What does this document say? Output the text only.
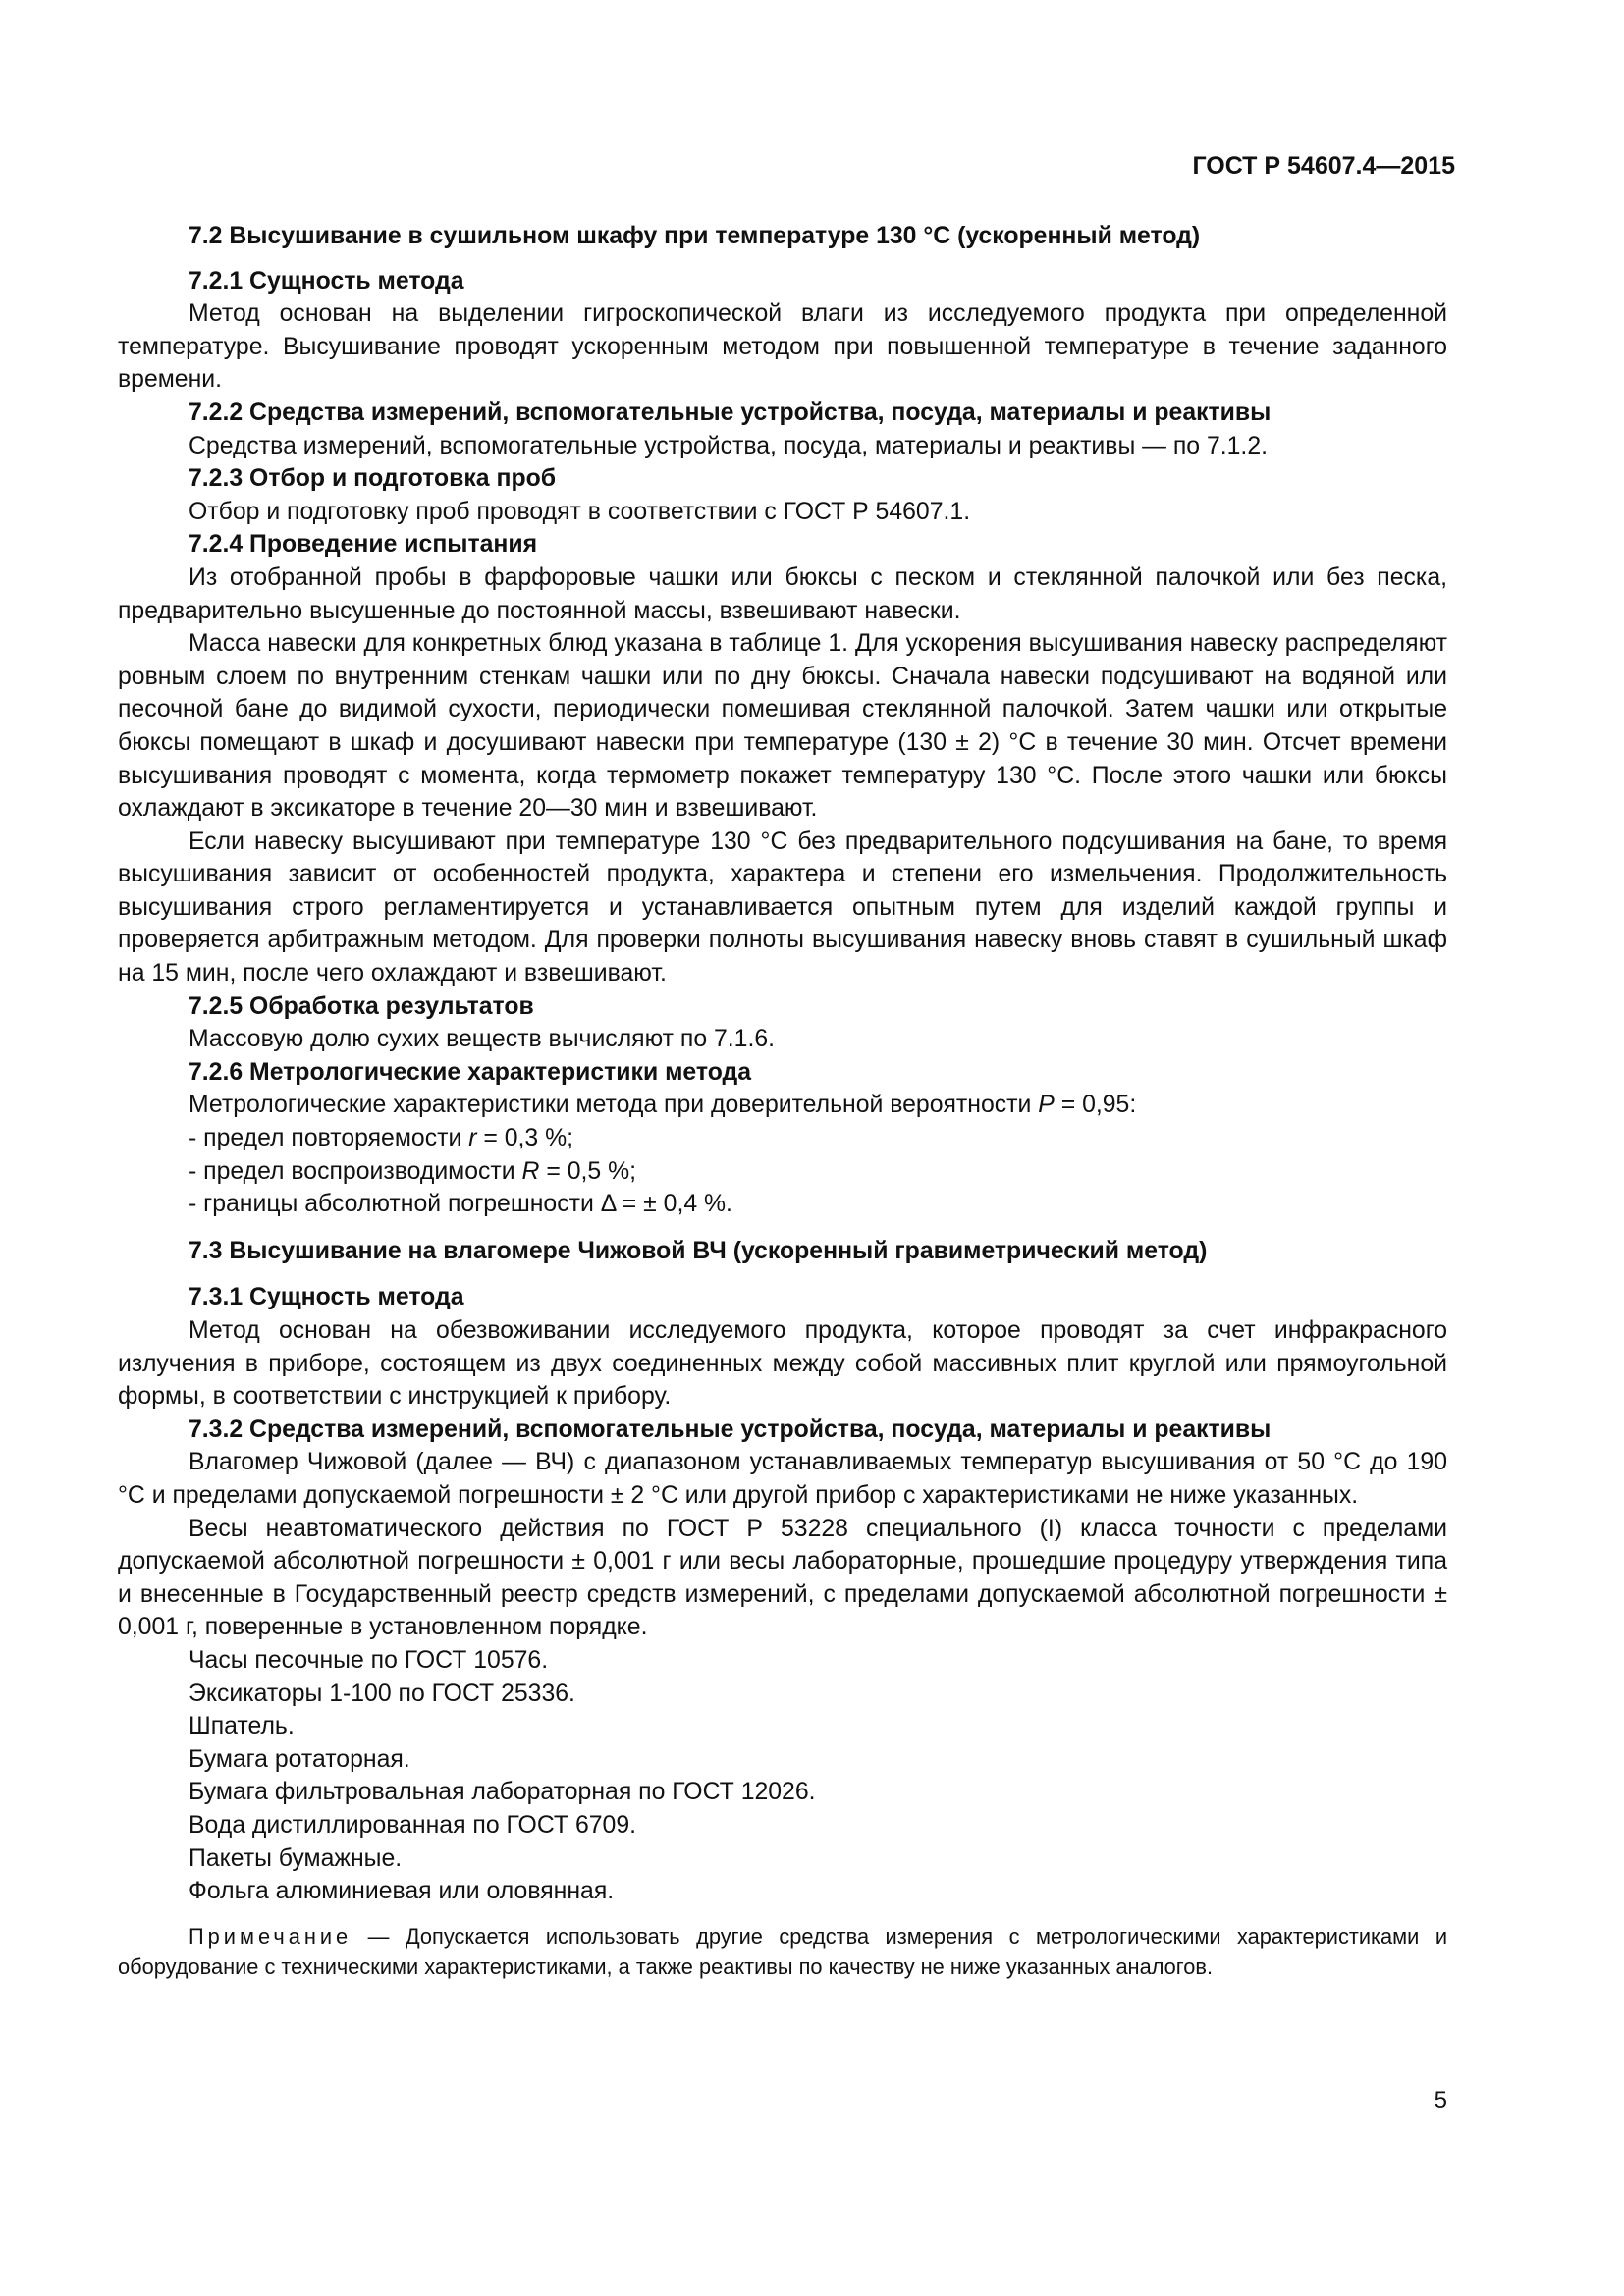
ГОСТ Р 54607.4—2015
7.2 Высушивание в сушильном шкафу при температуре 130 °С (ускоренный метод)
7.2.1 Сущность метода

Метод основан на выделении гигроскопической влаги из исследуемого продукта при определенной температуре. Высушивание проводят ускоренным методом при повышенной температуре в течение заданного времени.

7.2.2 Средства измерений, вспомогательные устройства, посуда, материалы и реактивы

Средства измерений, вспомогательные устройства, посуда, материалы и реактивы — по 7.1.2.

7.2.3 Отбор и подготовка проб

Отбор и подготовку проб проводят в соответствии с ГОСТ Р 54607.1.

7.2.4 Проведение испытания

Из отобранной пробы в фарфоровые чашки или бюксы с песком и стеклянной палочкой или без песка, предварительно высушенные до постоянной массы, взвешивают навески.

Масса навески для конкретных блюд указана в таблице 1. Для ускорения высушивания навеску распределяют ровным слоем по внутренним стенкам чашки или по дну бюксы. Сначала навески подсушивают на водяной или песочной бане до видимой сухости, периодически помешивая стеклянной палочкой. Затем чашки или открытые бюксы помещают в шкаф и досушивают навески при температуре (130 ± 2) °С в течение 30 мин. Отсчет времени высушивания проводят с момента, когда термометр покажет температуру 130 °С. После этого чашки или бюксы охлаждают в эксикаторе в течение 20—30 мин и взвешивают.

Если навеску высушивают при температуре 130 °С без предварительного подсушивания на бане, то время высушивания зависит от особенностей продукта, характера и степени его измельчения. Продолжительность высушивания строго регламентируется и устанавливается опытным путем для изделий каждой группы и проверяется арбитражным методом. Для проверки полноты высушивания навеску вновь ставят в сушильный шкаф на 15 мин, после чего охлаждают и взвешивают.

7.2.5 Обработка результатов

Массовую долю сухих веществ вычисляют по 7.1.6.

7.2.6 Метрологические характеристики метода
Метрологические характеристики метода при доверительной вероятности P = 0,95:
- предел повторяемости r = 0,3 %;
- предел воспроизводимости R = 0,5 %;
- границы абсолютной погрешности Δ = ± 0,4 %.
7.3 Высушивание на влагомере Чижовой ВЧ (ускоренный гравиметрический метод)
7.3.1 Сущность метода

Метод основан на обезвоживании исследуемого продукта, которое проводят за счет инфракрасного излучения в приборе, состоящем из двух соединенных между собой массивных плит круглой или прямоугольной формы, в соответствии с инструкцией к прибору.

7.3.2 Средства измерений, вспомогательные устройства, посуда, материалы и реактивы

Влагомер Чижовой (далее — ВЧ) с диапазоном устанавливаемых температур высушивания от 50 °С до 190 °С и пределами допускаемой погрешности ± 2 °С или другой прибор с характеристиками не ниже указанных.

Весы неавтоматического действия по ГОСТ Р 53228 специального (I) класса точности с пределами допускаемой абсолютной погрешности ± 0,001 г или весы лабораторные, прошедшие процедуру утверждения типа и внесенные в Государственный реестр средств измерений, с пределами допускаемой абсолютной погрешности ± 0,001 г, поверенные в установленном порядке.

Часы песочные по ГОСТ 10576.
Эксикаторы 1-100 по ГОСТ 25336.
Шпатель.
Бумага ротаторная.
Бумага фильтровальная лабораторная по ГОСТ 12026.
Вода дистиллированная по ГОСТ 6709.
Пакеты бумажные.
Фольга алюминиевая или оловянная.
Примечание — Допускается использовать другие средства измерения с метрологическими характеристиками и оборудование с техническими характеристиками, а также реактивы по качеству не ниже указанных аналогов.
5
